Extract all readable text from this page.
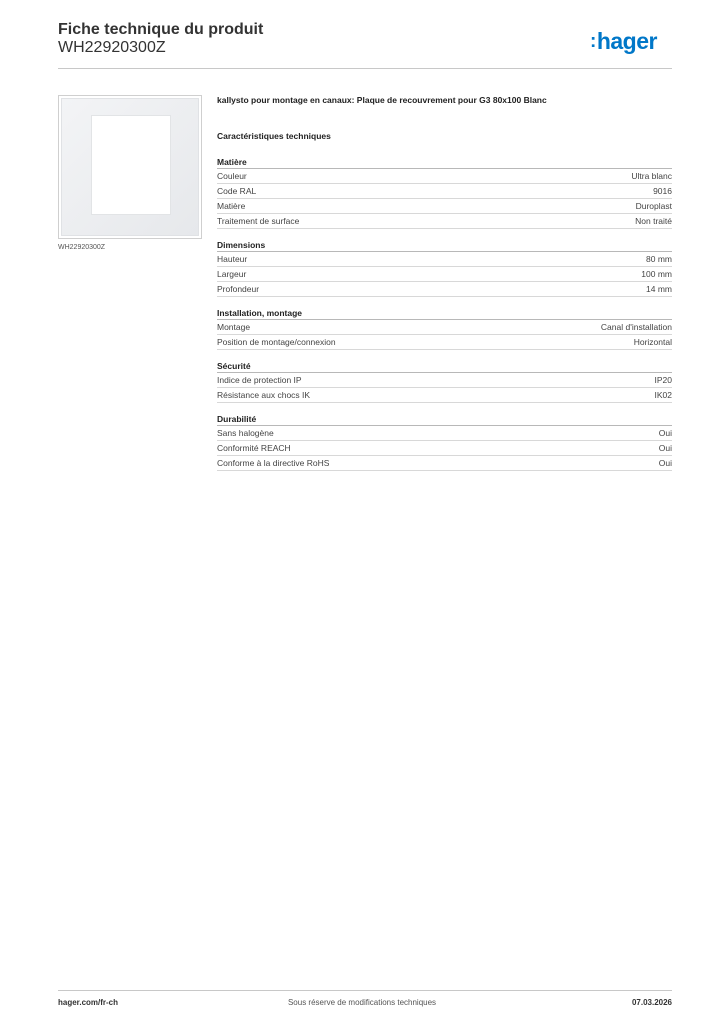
Fiche technique du produit
WH22920300Z	:hager
WH22920300Z
kallysto pour montage en canaux: Plaque de recouvrement pour G3 80x100 Blanc
Caractéristiques techniques
Matière
Couleur	Ultra blanc
Code RAL	9016
Matière	Duroplast
Traitement de surface	Non traité
Dimensions
Hauteur	80 mm
Largeur	100 mm
Profondeur	14 mm
Installation, montage
Montage	Canal d'installation
Position de montage/connexion	Horizontal
Sécurité
Indice de protection IP	IP20
Résistance aux chocs IK	IK02
Durabilité
Sans halogène	Oui
Conformité REACH	Oui
Conforme à la directive RoHS	Oui
hager.com/fr-ch	Sous réserve de modifications techniques	07.03.2026
